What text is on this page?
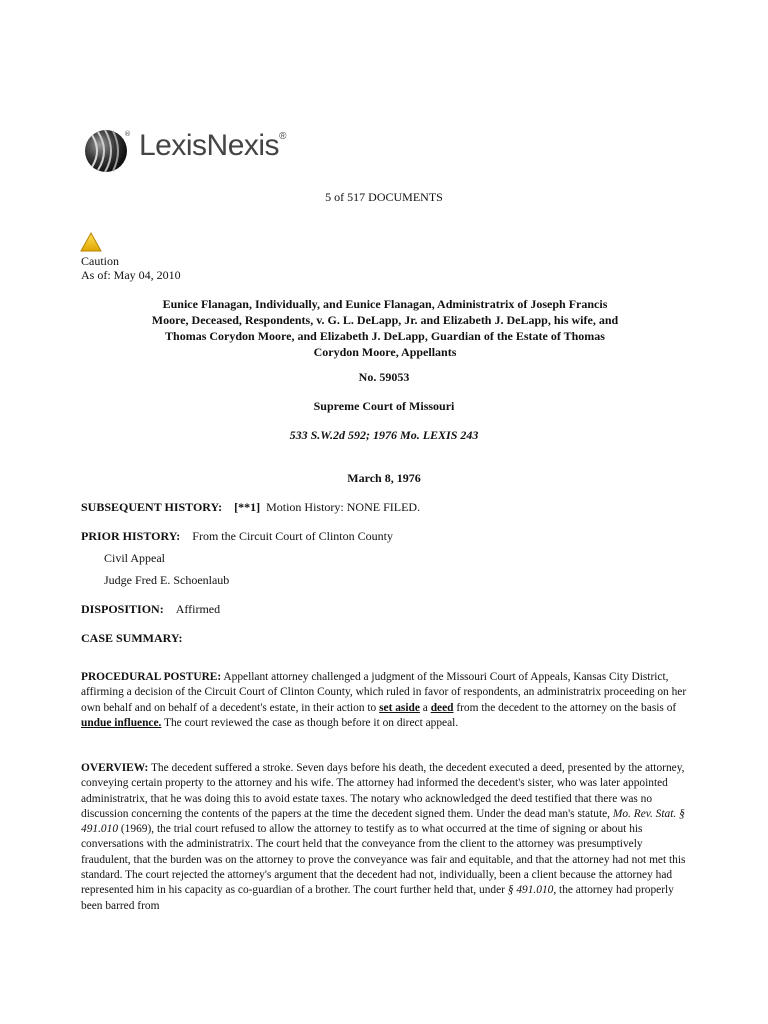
® LexisNexis®
5 of 517 DOCUMENTS
Caution
As of: May 04, 2010
Eunice Flanagan, Individually, and Eunice Flanagan, Administratrix of Joseph Francis Moore, Deceased, Respondents, v. G. L. DeLapp, Jr. and Elizabeth J. DeLapp, his wife, and Thomas Corydon Moore, and Elizabeth J. DeLapp, Guardian of the Estate of Thomas Corydon Moore, Appellants
No. 59053
Supreme Court of Missouri
533 S.W.2d 592; 1976 Mo. LEXIS 243
March 8, 1976
SUBSEQUENT HISTORY: [**1] Motion History: NONE FILED.
PRIOR HISTORY: From the Circuit Court of Clinton County
Civil Appeal
Judge Fred E. Schoenlaub
DISPOSITION: Affirmed
CASE SUMMARY:
PROCEDURAL POSTURE: Appellant attorney challenged a judgment of the Missouri Court of Appeals, Kansas City District, affirming a decision of the Circuit Court of Clinton County, which ruled in favor of respondents, an administratrix proceeding on her own behalf and on behalf of a decedent's estate, in their action to set aside a deed from the decedent to the attorney on the basis of undue influence. The court reviewed the case as though before it on direct appeal.
OVERVIEW: The decedent suffered a stroke. Seven days before his death, the decedent executed a deed, presented by the attorney, conveying certain property to the attorney and his wife. The attorney had informed the decedent's sister, who was later appointed administratrix, that he was doing this to avoid estate taxes. The notary who acknowledged the deed testified that there was no discussion concerning the contents of the papers at the time the decedent signed them. Under the dead man's statute, Mo. Rev. Stat. § 491.010 (1969), the trial court refused to allow the attorney to testify as to what occurred at the time of signing or about his conversations with the administratrix. The court held that the conveyance from the client to the attorney was presumptively fraudulent, that the burden was on the attorney to prove the conveyance was fair and equitable, and that the attorney had not met this standard. The court rejected the attorney's argument that the decedent had not, individually, been a client because the attorney had represented him in his capacity as co-guardian of a brother. The court further held that, under § 491.010, the attorney had properly been barred from
